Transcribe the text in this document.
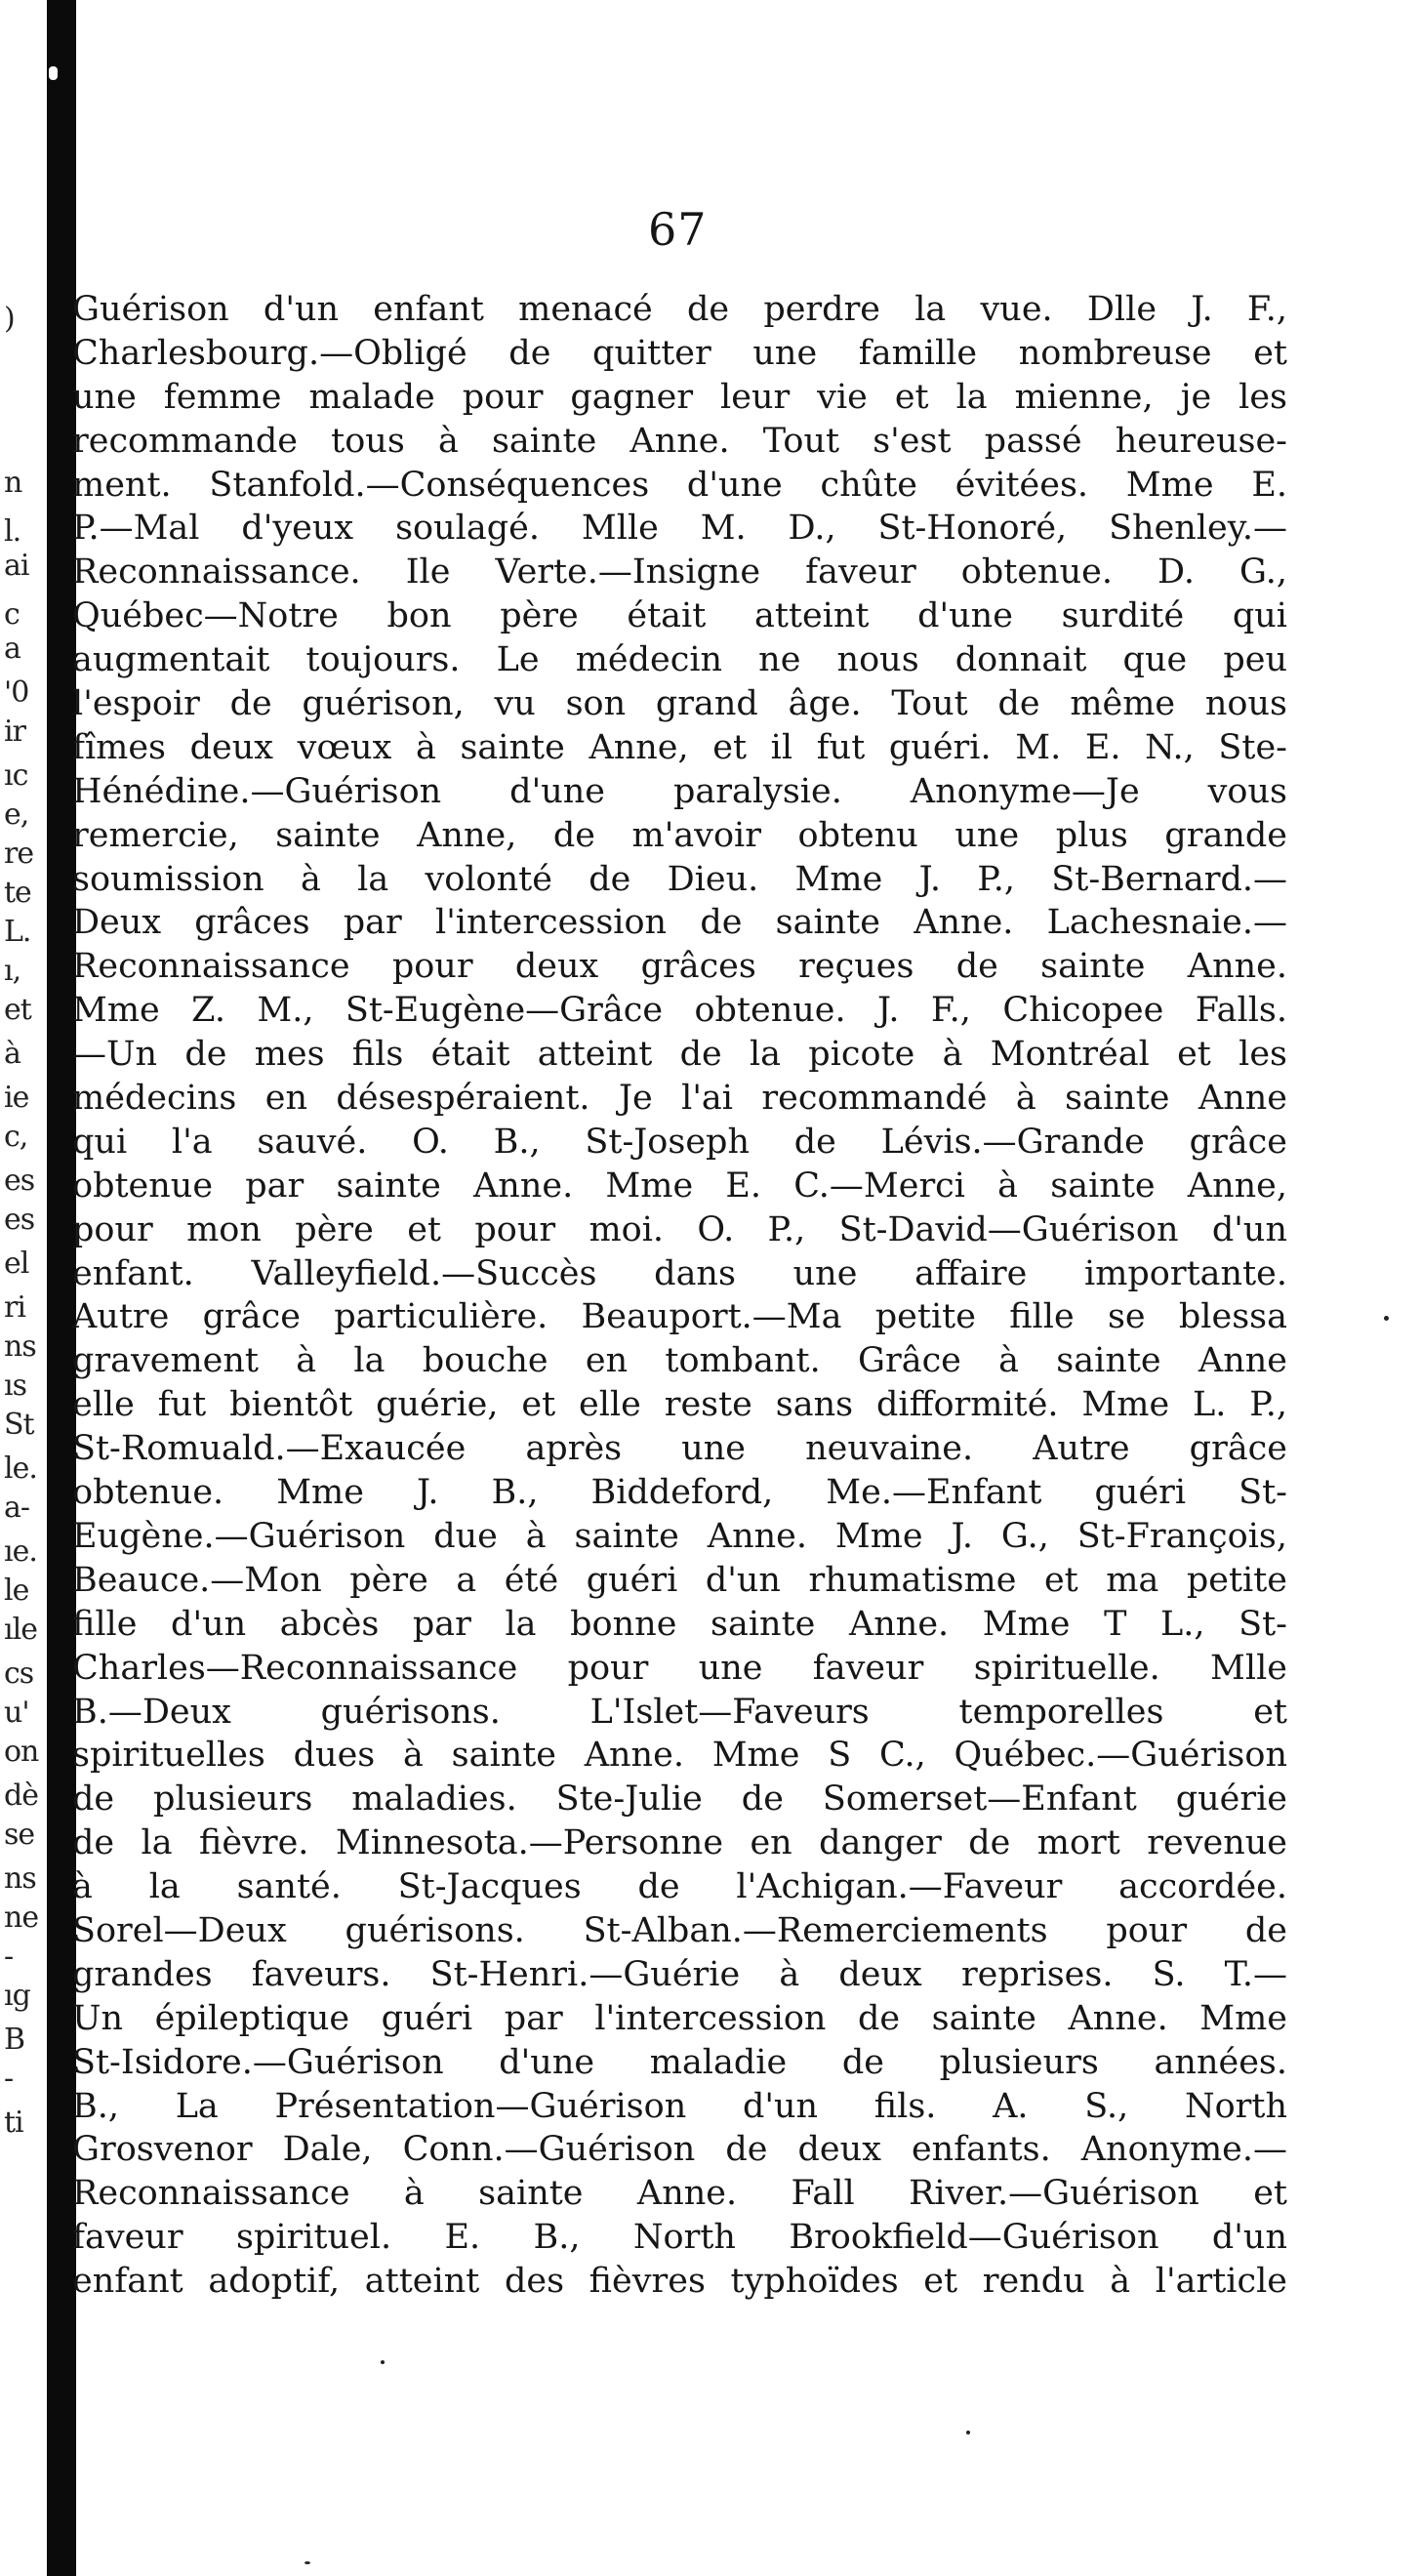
)
n
l.
ai
c
a
'0
ir
ıc
e,
re
te
L.
ı,
et
à
ie
c,
es
es
el
ri
ns
ıs
St
le.
a-
ıe.
le
ıle
cs
u'
on
dè
se
ns
ne
-
ıg
B
-
ti
67
Guérison d'un enfant menacé de perdre la vue. Dlle J. F.,
Charlesbourg.—Obligé de quitter une famille nombreuse et
une femme malade pour gagner leur vie et la mienne, je les
recommande tous à sainte Anne. Tout s'est passé heureuse-
ment. Stanfold.—Conséquences d'une chûte évitées. Mme E.
P.—Mal d'yeux soulagé. Mlle M. D., St-Honoré, Shenley.—
Reconnaissance. Ile Verte.—Insigne faveur obtenue. D. G.,
Québec—Notre bon père était atteint d'une surdité qui
augmentait toujours. Le médecin ne nous donnait que peu
l'espoir de guérison, vu son grand âge. Tout de même nous
fîmes deux vœux à sainte Anne, et il fut guéri. M. E. N., Ste-
Hénédine.—Guérison d'une paralysie. Anonyme—Je vous
remercie, sainte Anne, de m'avoir obtenu une plus grande
soumission à la volonté de Dieu. Mme J. P., St-Bernard.—
Deux grâces par l'intercession de sainte Anne. Lachesnaie.—
Reconnaissance pour deux grâces reçues de sainte Anne.
Mme Z. M., St-Eugène—Grâce obtenue. J. F., Chicopee Falls.
—Un de mes fils était atteint de la picote à Montréal et les
médecins en désespéraient. Je l'ai recommandé à sainte Anne
qui l'a sauvé. O. B., St-Joseph de Lévis.—Grande grâce
obtenue par sainte Anne. Mme E. C.—Merci à sainte Anne,
pour mon père et pour moi. O. P., St-David—Guérison d'un
enfant. Valleyfield.—Succès dans une affaire importante.
Autre grâce particulière. Beauport.—Ma petite fille se blessa
gravement à la bouche en tombant. Grâce à sainte Anne
elle fut bientôt guérie, et elle reste sans difformité. Mme L. P.,
St-Romuald.—Exaucée après une neuvaine. Autre grâce
obtenue. Mme J. B., Biddeford, Me.—Enfant guéri St-
Eugène.—Guérison due à sainte Anne. Mme J. G., St-François,
Beauce.—Mon père a été guéri d'un rhumatisme et ma petite
fille d'un abcès par la bonne sainte Anne. Mme T L., St-
Charles—Reconnaissance pour une faveur spirituelle. Mlle
B.—Deux guérisons. L'Islet—Faveurs temporelles et
spirituelles dues à sainte Anne. Mme S C., Québec.—Guérison
de plusieurs maladies. Ste-Julie de Somerset—Enfant guérie
de la fièvre. Minnesota.—Personne en danger de mort revenue
à la santé. St-Jacques de l'Achigan.—Faveur accordée.
Sorel—Deux guérisons. St-Alban.—Remerciements pour de
grandes faveurs. St-Henri.—Guérie à deux reprises. S. T.—
Un épileptique guéri par l'intercession de sainte Anne. Mme
St-Isidore.—Guérison d'une maladie de plusieurs années.
B., La Présentation—Guérison d'un fils. A. S., North
Grosvenor Dale, Conn.—Guérison de deux enfants. Anonyme.—
Reconnaissance à sainte Anne. Fall River.—Guérison et
faveur spirituel. E. B., North Brookfield—Guérison d'un
enfant adoptif, atteint des fièvres typhoïdes et rendu à l'article
